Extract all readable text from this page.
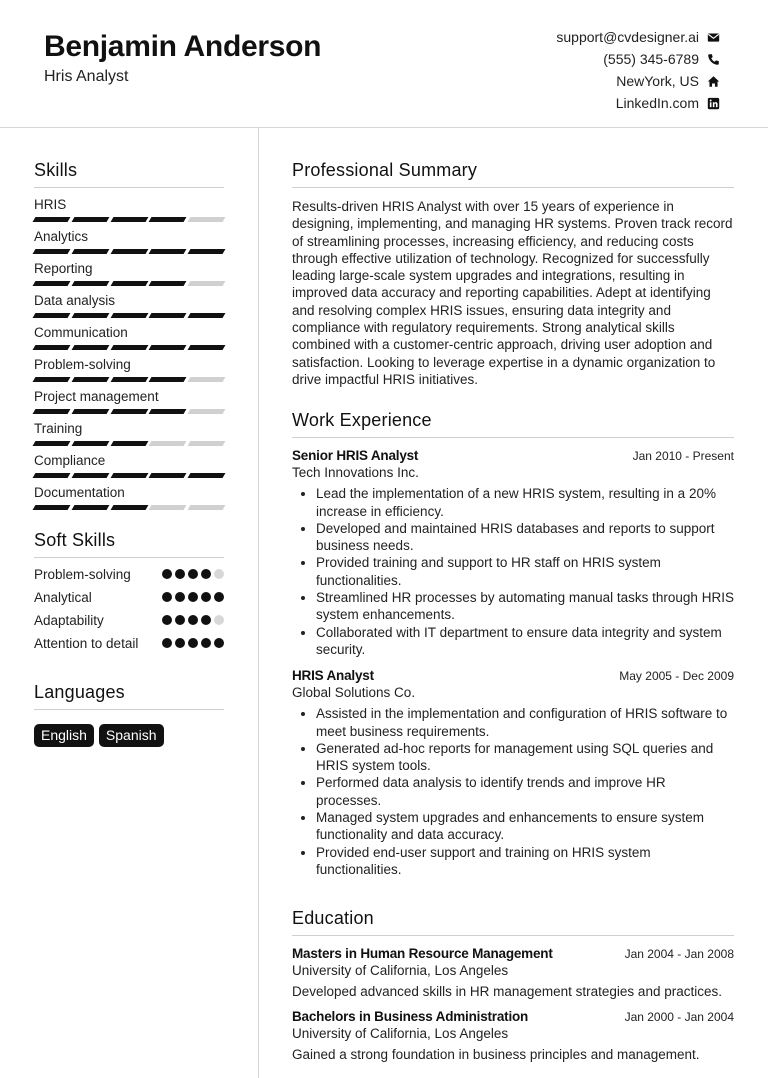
Benjamin Anderson
Hris Analyst
support@cvdesigner.ai
(555) 345-6789
NewYork, US
LinkedIn.com
Skills
HRIS
Analytics
Reporting
Data analysis
Communication
Problem-solving
Project management
Training
Compliance
Documentation
Soft Skills
Problem-solving
Analytical
Adaptability
Attention to detail
Languages
English	Spanish
Professional Summary

Results-driven HRIS Analyst with over 15 years of experience in designing, implementing, and managing HR systems. Proven track record of streamlining processes, increasing efficiency, and reducing costs through effective utilization of technology. Recognized for successfully leading large-scale system upgrades and integrations, resulting in improved data accuracy and reporting capabilities. Adept at identifying and resolving complex HRIS issues, ensuring data integrity and compliance with regulatory requirements. Strong analytical skills combined with a customer-centric approach, driving user adoption and satisfaction. Looking to leverage expertise in a dynamic organization to drive impactful HRIS initiatives.

Work Experience
Senior HRIS Analyst	Jan 2010 - Present
Tech Innovations Inc.
• Lead the implementation of a new HRIS system, resulting in a 20% increase in efficiency.
• Developed and maintained HRIS databases and reports to support business needs.
• Provided training and support to HR staff on HRIS system functionalities.
• Streamlined HR processes by automating manual tasks through HRIS system enhancements.
• Collaborated with IT department to ensure data integrity and system security.
HRIS Analyst	May 2005 - Dec 2009
Global Solutions Co.
• Assisted in the implementation and configuration of HRIS software to meet business requirements.
• Generated ad-hoc reports for management using SQL queries and HRIS system tools.
• Performed data analysis to identify trends and improve HR processes.
• Managed system upgrades and enhancements to ensure system functionality and data accuracy.
• Provided end-user support and training on HRIS system functionalities.
Education
Masters in Human Resource Management	Jan 2004 - Jan 2008
University of California, Los Angeles
Developed advanced skills in HR management strategies and practices.
Bachelors in Business Administration	Jan 2000 - Jan 2004
University of California, Los Angeles
Gained a strong foundation in business principles and management.
